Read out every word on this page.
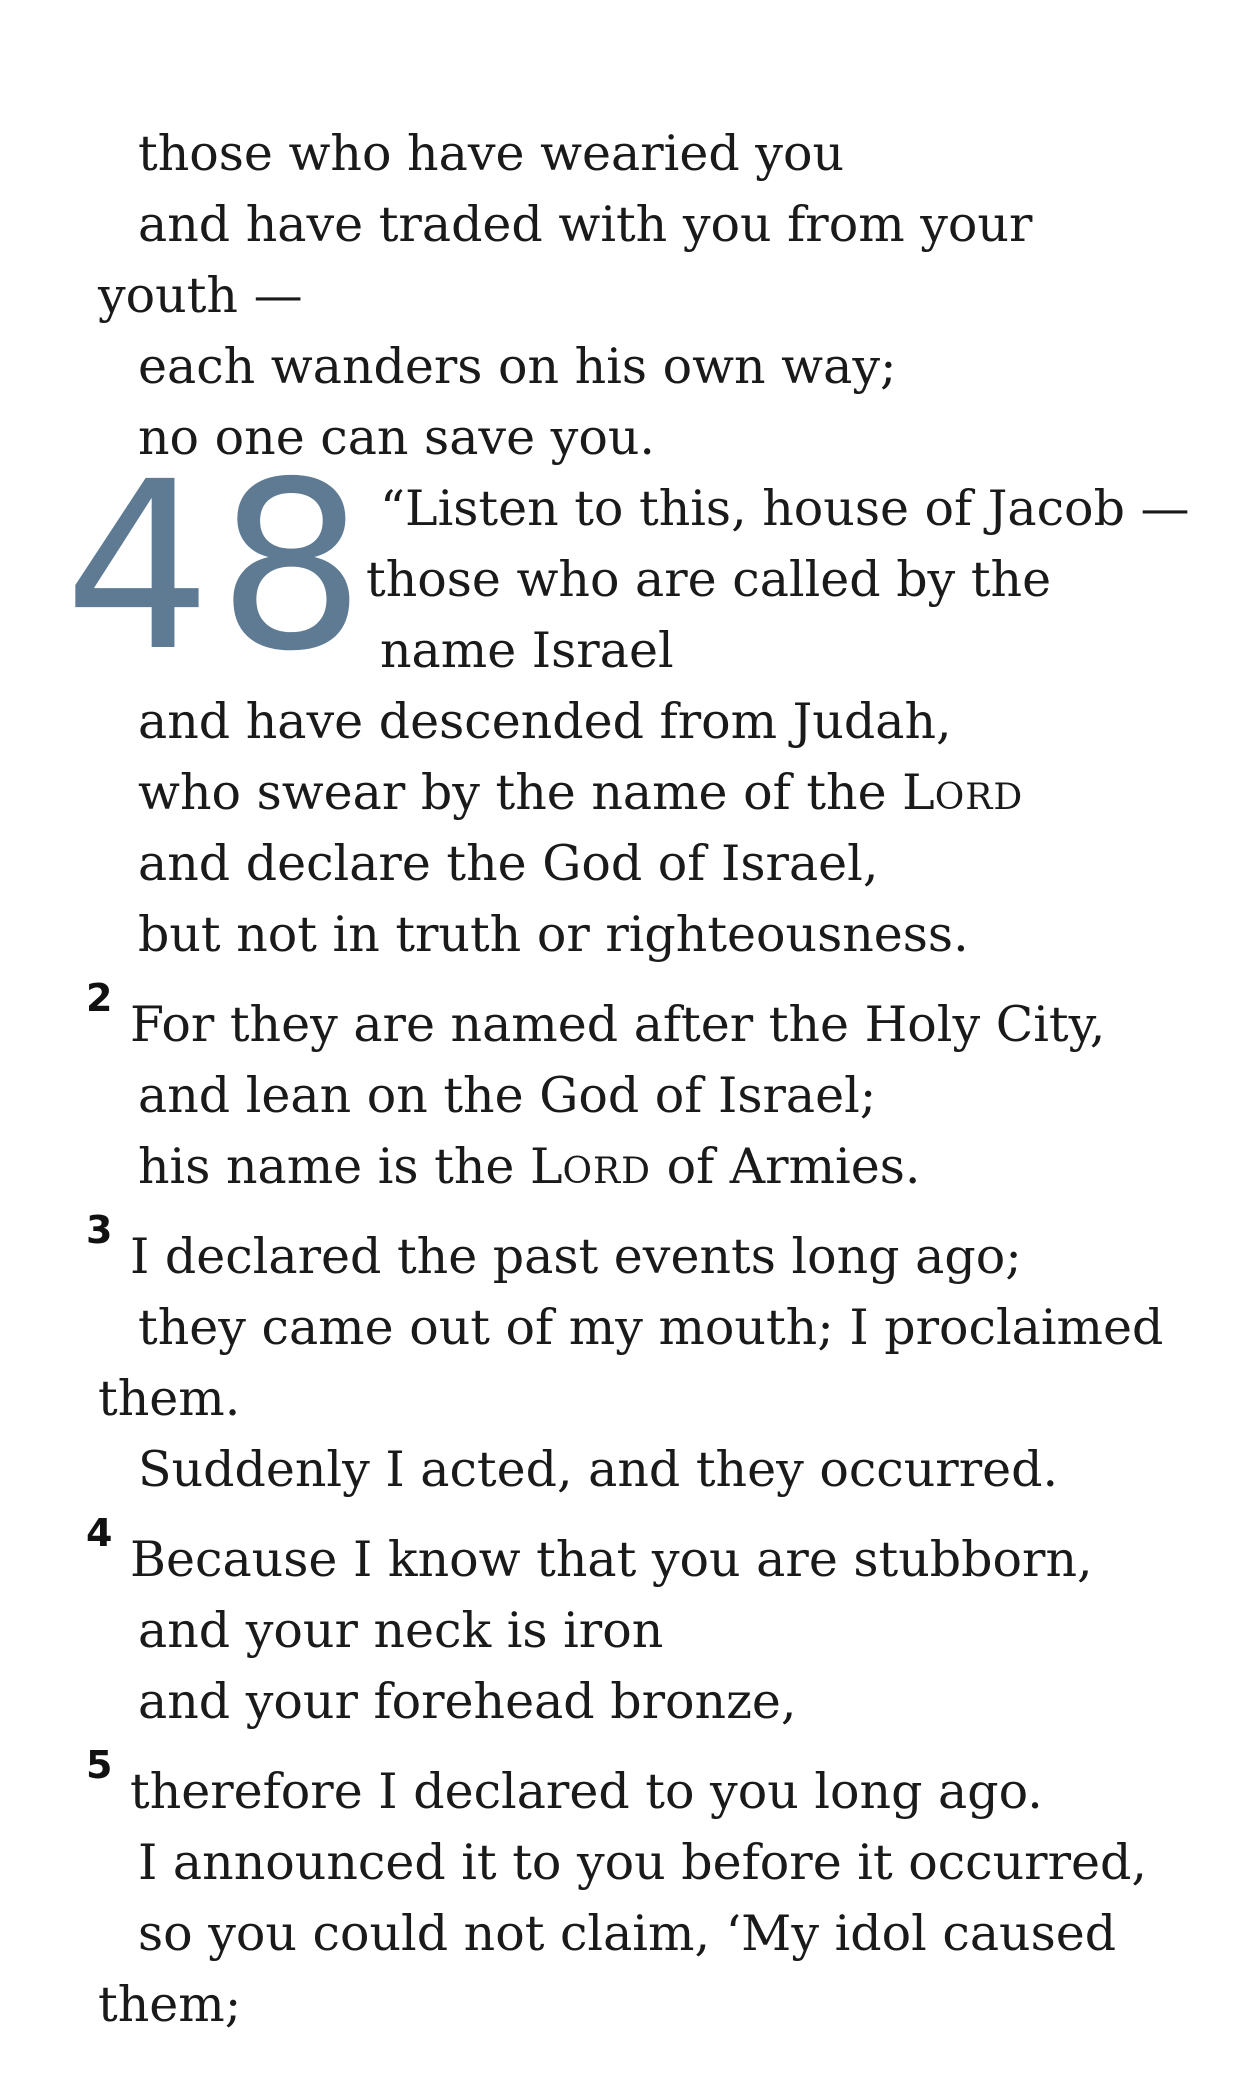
those who have wearied you
and have traded with you from your
youth —
each wanders on his own way;
no one can save you.
48 “Listen to this, house of Jacob —
those who are called by the
name Israel
and have descended from Judah,
who swear by the name of the LORD
and declare the God of Israel,
but not in truth or righteousness.
2 For they are named after the Holy City,
and lean on the God of Israel;
his name is the LORD of Armies.
3 I declared the past events long ago;
they came out of my mouth; I proclaimed
them.
Suddenly I acted, and they occurred.
4 Because I know that you are stubborn,
and your neck is iron
and your forehead bronze,
5 therefore I declared to you long ago.
I announced it to you before it occurred,
so you could not claim, ‘My idol caused
them;
